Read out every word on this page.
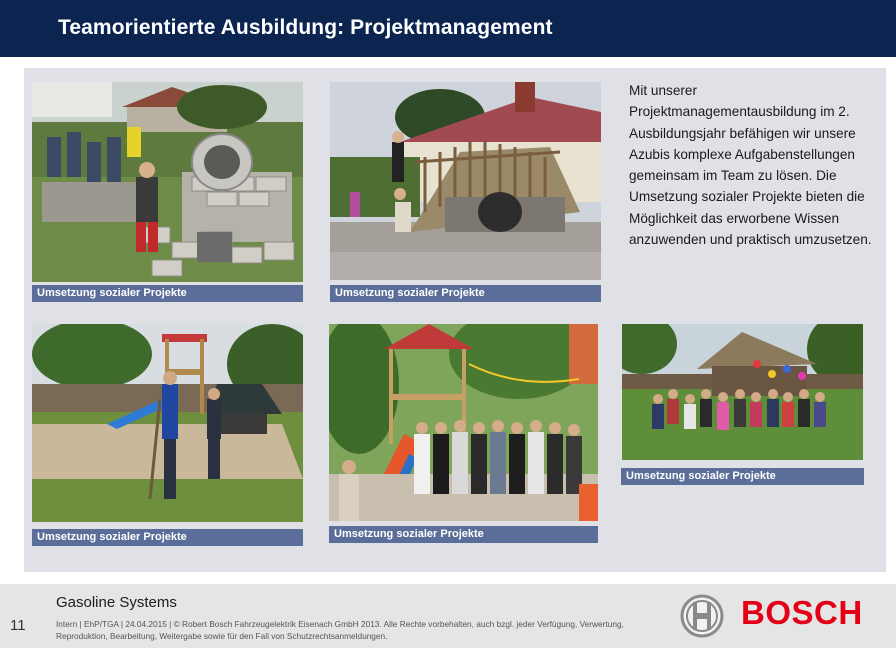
Teamorientierte Ausbildung: Projektmanagement
Umsetzung sozialer Projekte	Umsetzung sozialer Projekte
Mit unserer Projektmanagementausbildung im 2. Ausbildungsjahr befähigen wir unsere Azubis komplexe Aufgabenstellungen gemeinsam im Team zu lösen. Die Umsetzung sozialer Projekte bieten die Möglichkeit das erworbene Wissen anzuwenden und praktisch umzusetzen.
Umsetzung sozialer Projekte	Umsetzung sozialer Projekte
Umsetzung sozialer Projekte
11
Gasoline Systems
Intern | EhP/TGA | 24.04.2015 | © Robert Bosch Fahrzeugelektrik Eisenach GmbH 2013. Alle Rechte vorbehalten, auch bzgl. jeder Verfügung, Verwertung, Reproduktion, Bearbeitung, Weitergabe sowie für den Fall von Schutzrechtsanmeldungen.
BOSCH
